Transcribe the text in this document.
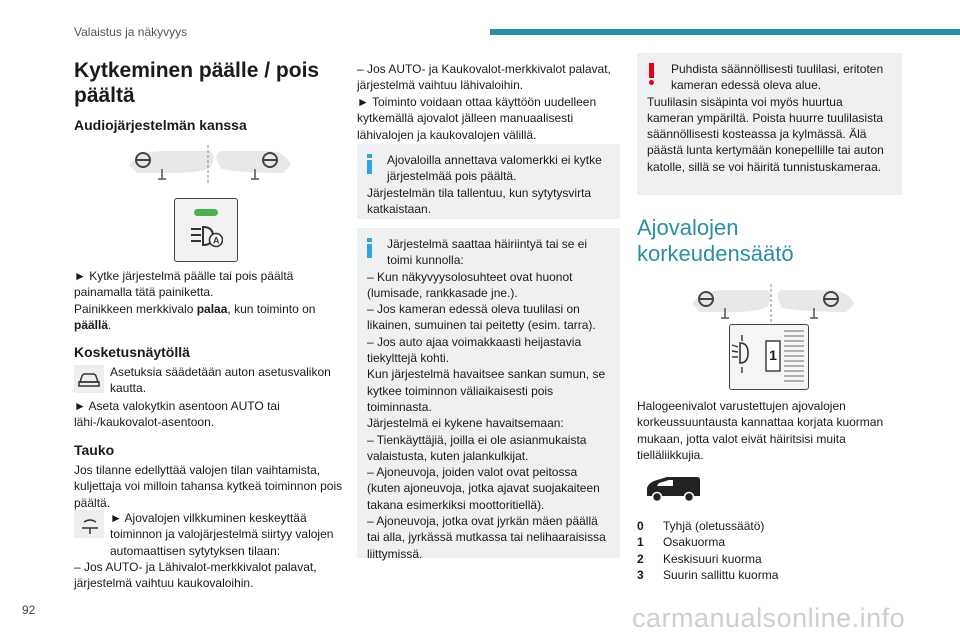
Valaistus ja näkyvyys
Kytkeminen päälle / pois päältä
Audiojärjestelmän kanssa
A
► Kytke järjestelmä päälle tai pois päältä painamalla tätä painiketta.
Painikkeen merkkivalo palaa, kun toiminto on päällä.
Kosketusnäytöllä
Asetuksia säädetään auton asetusvalikon kautta.
► Aseta valokytkin asentoon AUTO tai lähi-/kaukovalot-asentoon.
Tauko
Jos tilanne edellyttää valojen tilan vaihtamista, kuljettaja voi milloin tahansa kytkeä toiminnon pois päältä.
► Ajovalojen vilkkuminen keskeyttää toiminnon ja valojärjestelmä siirtyy valojen automaattisen sytytyksen tilaan:
– Jos AUTO- ja Lähivalot-merkkivalot palavat, järjestelmä vaihtuu kaukovaloihin.
– Jos AUTO- ja Kaukovalot-merkkivalot palavat, järjestelmä vaihtuu lähivaloihin.
► Toiminto voidaan ottaa käyttöön uudelleen kytkemällä ajovalot jälleen manuaalisesti lähivalojen ja kaukovalojen välillä.
Ajovaloilla annettava valomerkki ei kytke järjestelmää pois päältä.
Järjestelmän tila tallentuu, kun sytytysvirta katkaistaan.
Järjestelmä saattaa häiriintyä tai se ei toimi kunnolla:
– Kun näkyvyysolosuhteet ovat huonot (lumisade, rankkasade jne.).
– Jos kameran edessä oleva tuulilasi on likainen, sumuinen tai peitetty (esim. tarra).
– Jos auto ajaa voimakkaasti heijastavia tiekylttejä kohti.
Kun järjestelmä havaitsee sankan sumun, se kytkee toiminnon väliaikaisesti pois toiminnasta.
Järjestelmä ei kykene havaitsemaan:
– Tienkäyttäjiä, joilla ei ole asianmukaista valaistusta, kuten jalankulkijat.
– Ajoneuvoja, joiden valot ovat peitossa (kuten ajoneuvoja, jotka ajavat suojakaiteen takana esimerkiksi moottoritiellä).
– Ajoneuvoja, jotka ovat jyrkän mäen päällä tai alla, jyrkässä mutkassa tai nelihaaraisissa liittymissä.
Puhdista säännöllisesti tuulilasi, eritoten kameran edessä oleva alue.
Tuulilasin sisäpinta voi myös huurtua kameran ympäriltä. Poista huurre tuulilasista säännöllisesti kosteassa ja kylmässä. Älä päästä lunta kertymään konepellille tai auton katolle, sillä se voi häiritä tunnistuskameraa.
Ajovalojen korkeudensäätö
1
Halogeenivalot varustettujen ajovalojen korkeussuuntausta kannattaa korjata kuorman mukaan, jotta valot eivät häiritsisi muita tielläliikkujia.
0	Tyhjä (oletussäätö)
1	Osakuorma
2	Keskisuuri kuorma
3	Suurin sallittu kuorma
92	carmanualsonline.info
